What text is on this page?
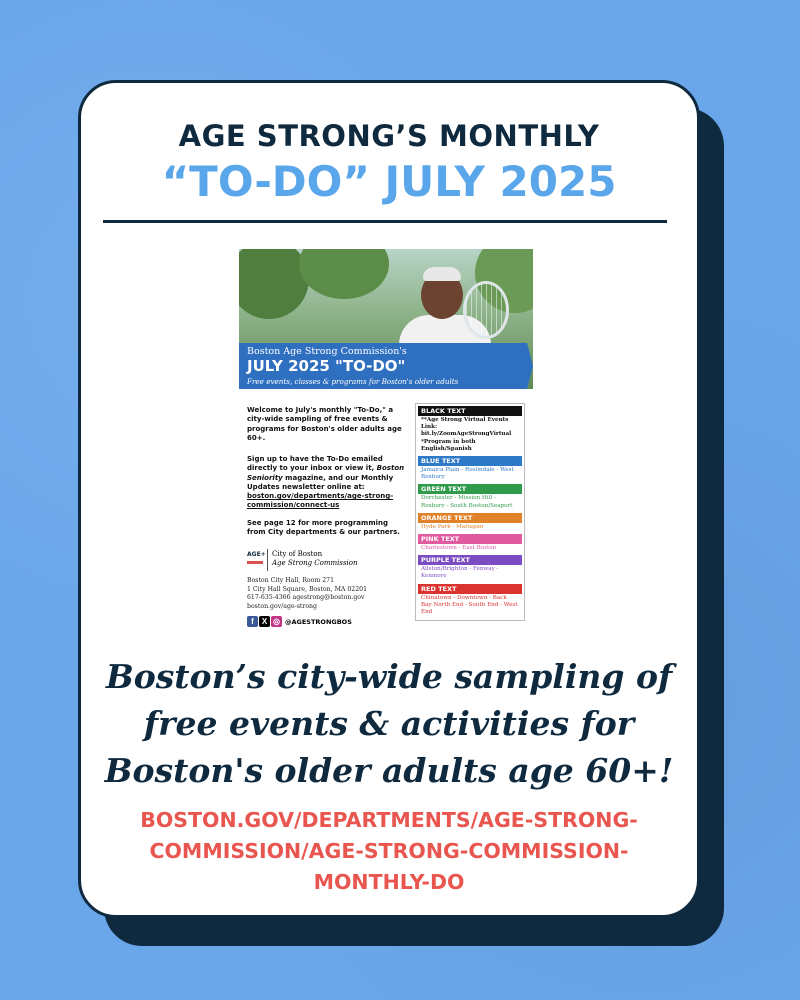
AGE STRONG’S MONTHLY
“TO-DO” JULY 2025
Boston Age Strong Commission's
JULY 2025 "TO-DO"
Free events, classes & programs for Boston's older adults
Welcome to July's monthly "To-Do," a city-wide sampling of free events & programs for Boston's older adults age 60+.
Sign up to have the To-Do emailed directly to your inbox or view it, Boston Seniority magazine, and our Monthly Updates newsletter online at: boston.gov/departments/age-strong-commission/connect-us
See page 12 for more programming from City departments & our partners.
AGE+ City of Boston
Age Strong Commission
Boston City Hall, Room 271
1 City Hall Square, Boston, MA 02201
617-635-4366 agestrong@boston.gov
boston.gov/age-strong
f X ◎ @AGESTRONGBOS
BLACK TEXT
**Age Strong Virtual Events Link: bit.ly/ZoomAgeStrongVirtual *Program in both English/Spanish
BLUE TEXT
Jamaica Plain - Roslindale - West Roxbury
GREEN TEXT
Dorchester - Mission Hill - Roxbury - South Boston/Seaport
ORANGE TEXT
Hyde Park - Mattapan
PINK TEXT
Charlestown - East Boston
PURPLE TEXT
Allston/Brighton - Fenway - Kenmore
RED TEXT
Chinatown - Downtown - Back Bay North End - South End - West End
Boston’s city-wide sampling of free events & activities for Boston's older adults age 60+!
BOSTON.GOV/DEPARTMENTS/AGE-STRONG-COMMISSION/AGE-STRONG-COMMISSION-MONTHLY-DO
